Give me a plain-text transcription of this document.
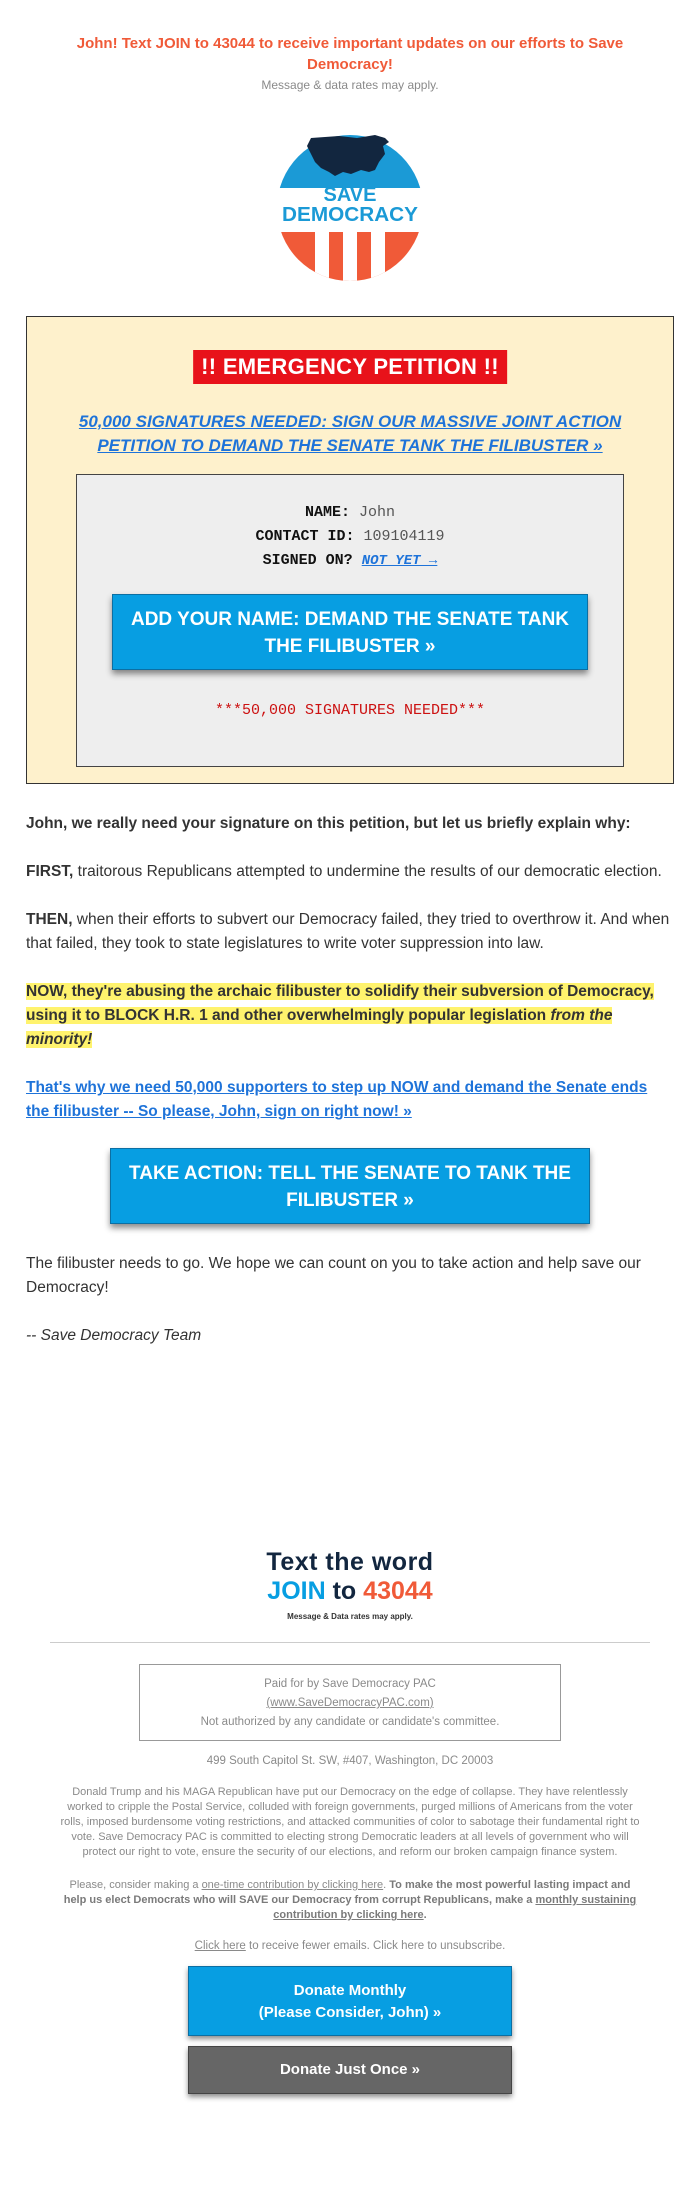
John! Text JOIN to 43044 to receive important updates on our efforts to Save Democracy!
Message & data rates may apply.
SAVE
DEMOCRACY
!! EMERGENCY PETITION !!
50,000 SIGNATURES NEEDED: SIGN OUR MASSIVE JOINT ACTION PETITION TO DEMAND THE SENATE TANK THE FILIBUSTER »
NAME: John
CONTACT ID: 109104119
SIGNED ON? NOT YET →
ADD YOUR NAME: DEMAND THE SENATE TANK THE FILIBUSTER »
***50,000 SIGNATURES NEEDED***

John, we really need your signature on this petition, but let us briefly explain why:

FIRST, traitorous Republicans attempted to undermine the results of our democratic election.

THEN, when their efforts to subvert our Democracy failed, they tried to overthrow it. And when that failed, they took to state legislatures to write voter suppression into law.

NOW, they're abusing the archaic filibuster to solidify their subversion of Democracy, using it to BLOCK H.R. 1 and other overwhelmingly popular legislation from the minority!

That's why we need 50,000 supporters to step up NOW and demand the Senate ends the filibuster -- So please, John, sign on right now! »

TAKE ACTION: TELL THE SENATE TO TANK THE FILIBUSTER »

The filibuster needs to go. We hope we can count on you to take action and help save our Democracy!

-- Save Democracy Team

Text the word
JOIN to 43044
Message & Data rates may apply.
Paid for by Save Democracy PAC
(www.SaveDemocracyPAC.com)
Not authorized by any candidate or candidate's committee.
499 South Capitol St. SW, #407, Washington, DC 20003
Donald Trump and his MAGA Republican have put our Democracy on the edge of collapse. They have relentlessly worked to cripple the Postal Service, colluded with foreign governments, purged millions of Americans from the voter rolls, imposed burdensome voting restrictions, and attacked communities of color to sabotage their fundamental right to vote. Save Democracy PAC is committed to electing strong Democratic leaders at all levels of government who will protect our right to vote, ensure the security of our elections, and reform our broken campaign finance system.
Please, consider making a one-time contribution by clicking here. To make the most powerful lasting impact and help us elect Democrats who will SAVE our Democracy from corrupt Republicans, make a monthly sustaining contribution by clicking here.
Click here to receive fewer emails. Click here to unsubscribe.
Donate Monthly
(Please Consider, John) »
Donate Just Once »
